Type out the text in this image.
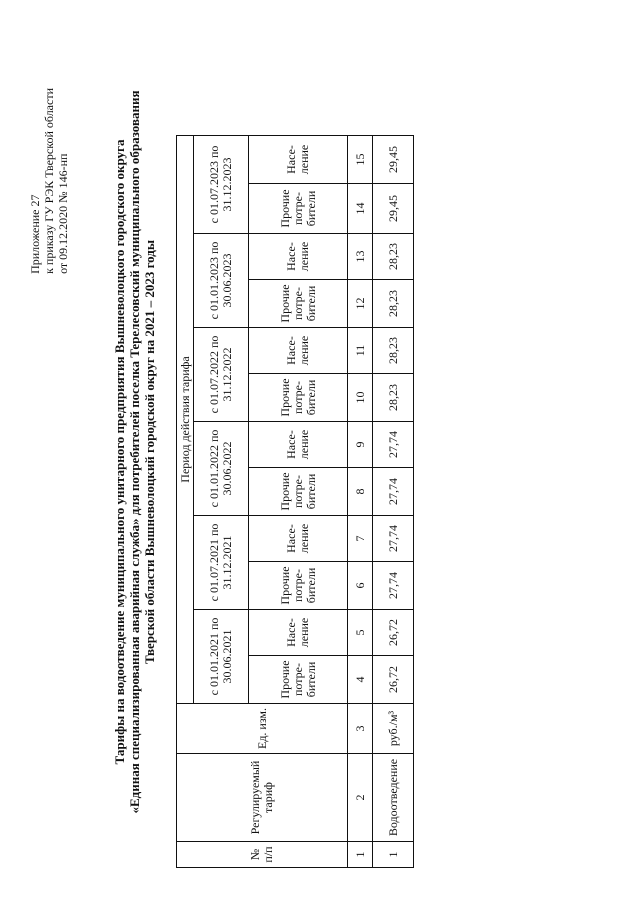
Приложение 27 к приказу ГУ РЭК Тверской области от 09.12.2020 № 146-нп	Тарифы на водоотведение муниципального унитарного предприятия Вышневолоцкого городского округа «Единая специализированная аварийная служба» для потребителей поселка Терелесовский муниципального образования Тверской области Вышневолоцкий городской округ на 2021 – 2023 годы
№ п/п	Регулируемый тариф	Ед. изм.	Период действия тарифа											
			с 01.01.2021 по 30.06.2021		с 01.07.2021 по 31.12.2021		с 01.01.2022 по 30.06.2022		с 01.07.2022 по 31.12.2022		с 01.01.2023 по 30.06.2023		с 01.07.2023 по 31.12.2023	
			Прочие
потре-
бители	Насе-
ление	Прочие
потре-
бители	Насе-
ление	Прочие
потре-
бители	Насе-
ление	Прочие
потре-
бители	Насе-
ление	Прочие
потре-
бители	Насе-
ление	Прочие
потре-
бители	Насе-
ление
1	2	3	4	5	6	7	8	9	10	11	12	13	14	15
1	Водоотведение	руб./м³	26,72	26,72	27,74	27,74	27,74	27,74	28,23	28,23	28,23	28,23	29,45	29,45
